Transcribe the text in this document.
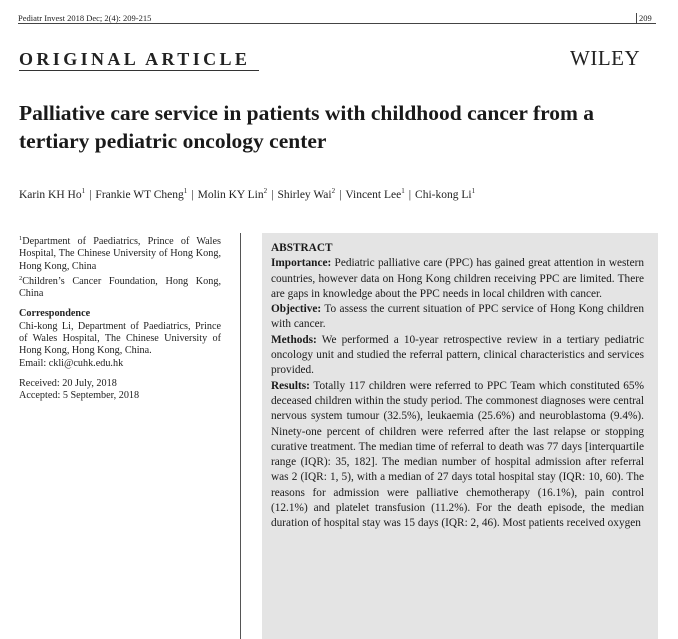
Pediatr Invest 2018 Dec; 2(4): 209-215	209
ORIGINAL ARTICLE	WILEY
Palliative care service in patients with childhood cancer from a tertiary pediatric oncology center
Karin KH Ho$^1$ | Frankie WT Cheng$^1$ | Molin KY Lin$^2$ | Shirley Wai$^2$ | Vincent Lee$^1$ | Chi-kong Li$^1$

$^1$Department of Paediatrics, Prince of Wales Hospital, The Chinese University of Hong Kong, Hong Kong, China

$^2$Children’s Cancer Foundation, Hong Kong, China

Correspondence

Chi-kong Li, Department of Paediatrics, Prince of Wales Hospital, The Chinese University of Hong Kong, Hong Kong, China.

Email: ckli@cuhk.edu.hk

Received: 20 July, 2018

Accepted: 5 September, 2018

ABSTRACT

Importance: Pediatric palliative care (PPC) has gained great attention in western countries, however data on Hong Kong children receiving PPC are limited. There are gaps in knowledge about the PPC needs in local children with cancer.

Objective: To assess the current situation of PPC service of Hong Kong children with cancer.

Methods: We performed a 10-year retrospective review in a tertiary pediatric oncology unit and studied the referral pattern, clinical characteristics and services provided.

Results: Totally 117 children were referred to PPC Team which constituted 65% deceased children within the study period. The commonest diagnoses were central nervous system tumour (32.5%), leukaemia (25.6%) and neuroblastoma (9.4%). Ninety-one percent of children were referred after the last relapse or stopping curative treatment. The median time of referral to death was 77 days [interquartile range (IQR): 35, 182]. The median number of hospital admission after referral was 2 (IQR: 1, 5), with a median of 27 days total hospital stay (IQR: 10, 60). The reasons for admission were palliative chemotherapy (16.1%), pain control (12.1%) and platelet transfusion (11.2%). For the death episode, the median duration of hospital stay was 15 days (IQR: 2, 46). Most patients received oxygen
